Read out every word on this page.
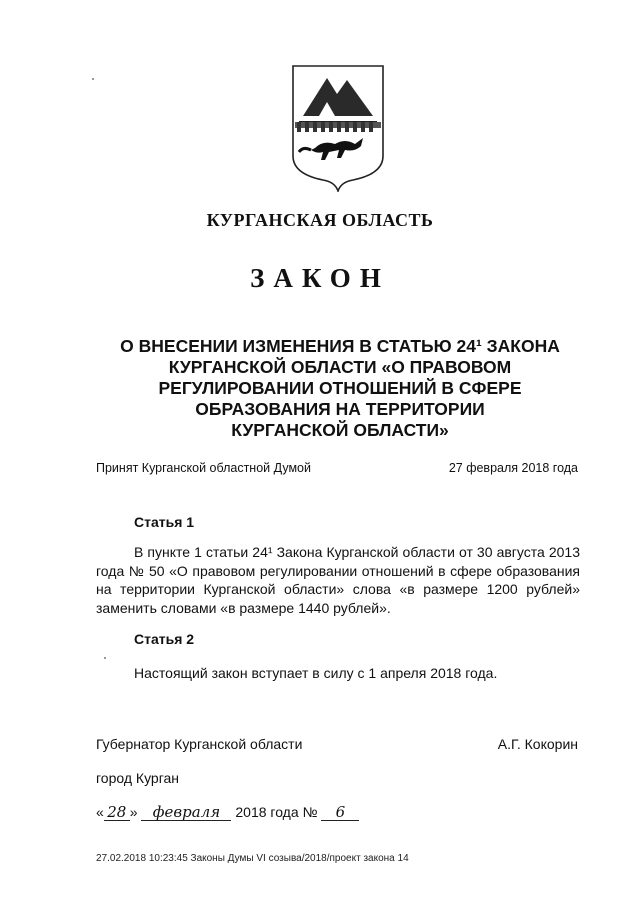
КУРГАНСКАЯ ОБЛАСТЬ
ЗАКОН
О ВНЕСЕНИИ ИЗМЕНЕНИЯ В СТАТЬЮ 24¹ ЗАКОНА
КУРГАНСКОЙ ОБЛАСТИ «О ПРАВОВОМ
РЕГУЛИРОВАНИИ ОТНОШЕНИЙ В СФЕРЕ
ОБРАЗОВАНИЯ НА ТЕРРИТОРИИ
КУРГАНСКОЙ ОБЛАСТИ»
Принят Курганской областной Думой	27 февраля 2018 года
Статья 1

В пункте 1 статьи 24¹ Закона Курганской области от 30 августа 2013 года № 50 «О правовом регулировании отношений в сфере образования на территории Курганской области» слова «в размере 1200 рублей» заменить словами «в размере 1440 рублей».

Статья 2

Настоящий закон вступает в силу с 1 апреля 2018 года.

Губернатор Курганской области	А.Г. Кокорин
город Курган
« 28 » февраля 2018 года № 6
27.02.2018 10:23:45 Законы Думы VI созыва/2018/проект закона 14
